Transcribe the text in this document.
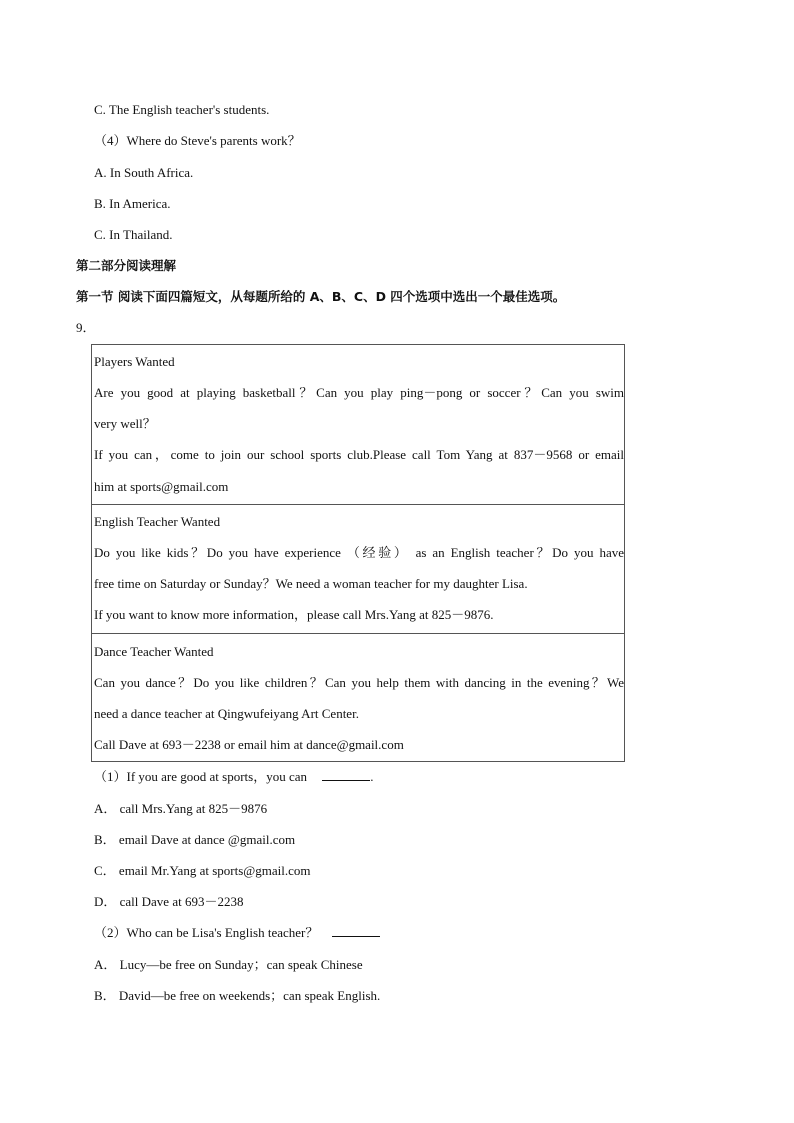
C. The English teacher's students.
（4）Where do Steve's parents work？
A. In South Africa.
B. In America.
C. In Thailand.
第二部分阅读理解
第一节 阅读下面四篇短文，从每题所给的 A、B、C、D 四个选项中选出一个最佳选项。
9．
Players Wanted
Are you good at playing basketball？Can you play ping－pong or soccer？Can you swim
very well？
If you can，come to join our school sports club.Please call Tom Yang at 837－9568 or email
him at sports@gmail.com
English Teacher Wanted
Do you like kids？Do you have experience （经验） as an English teacher？Do you have
free time on Saturday or Sunday？We need a woman teacher for my daughter Lisa.
If you want to know more information，please call Mrs.Yang at 825－9876.
Dance Teacher Wanted
Can you dance？Do you like children？Can you help them with dancing in the evening？We
need a dance teacher at Qingwufeiyang Art Center.
Call Dave at 693－2238 or email him at dance@gmail.com
（1）If you are good at sports，you can	.
A． call Mrs.Yang at 825－9876
B． email Dave at dance @gmail.com
C． email Mr.Yang at sports@gmail.com
D． call Dave at 693－2238
（2）Who can be Lisa's English teacher？
A． Lucy—be free on Sunday；can speak Chinese
B． David—be free on weekends；can speak English.
